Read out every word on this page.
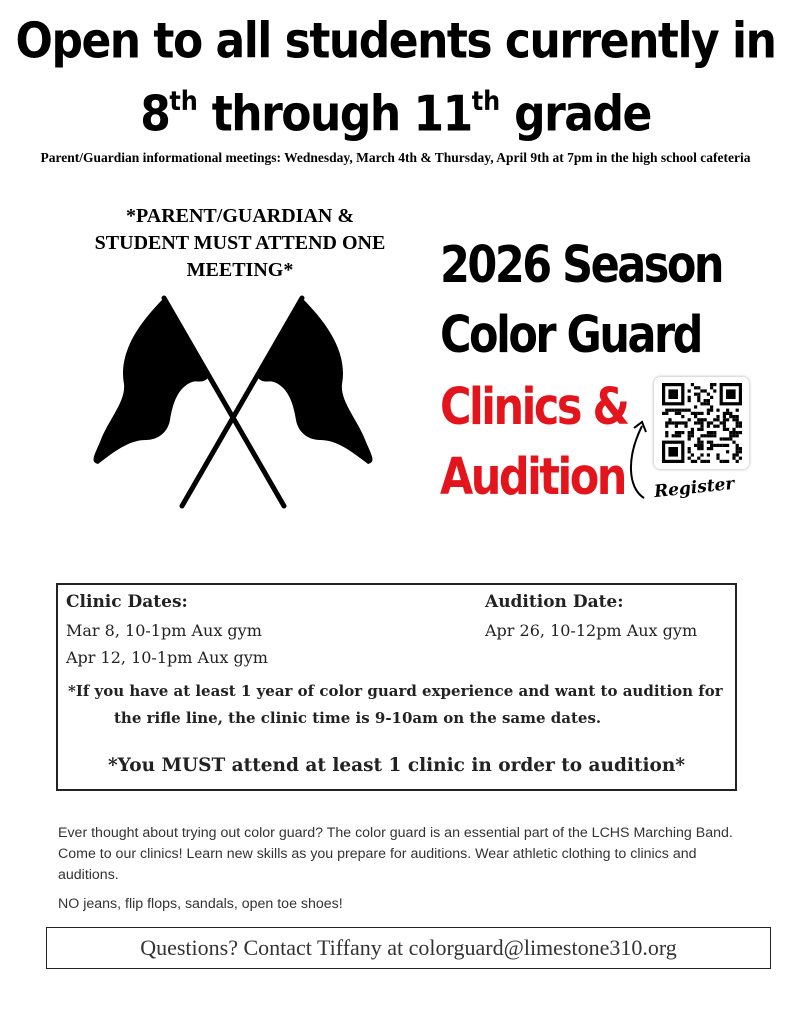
Open to all students currently in
8th through 11th grade
Parent/Guardian informational meetings: Wednesday, March 4th & Thursday, April 9th at 7pm in the high school cafeteria
*PARENT/GUARDIAN &
STUDENT MUST ATTEND ONE
MEETING*	2026 Season
Color Guard
Clinics &
Audition Register
Clinic Dates:	Audition Date:
Mar 8, 10-1pm Aux gym	Apr 26, 10-12pm Aux gym
Apr 12, 10-1pm Aux gym
*If you have at least 1 year of color guard experience and want to audition for
the rifle line, the clinic time is 9-10am on the same dates.
*You MUST attend at least 1 clinic in order to audition*
Ever thought about trying out color guard? The color guard is an essential part of the LCHS Marching Band. Come to our clinics! Learn new skills as you prepare for auditions. Wear athletic clothing to clinics and auditions.
NO jeans, flip flops, sandals, open toe shoes!
Questions? Contact Tiffany at colorguard@limestone310.org
